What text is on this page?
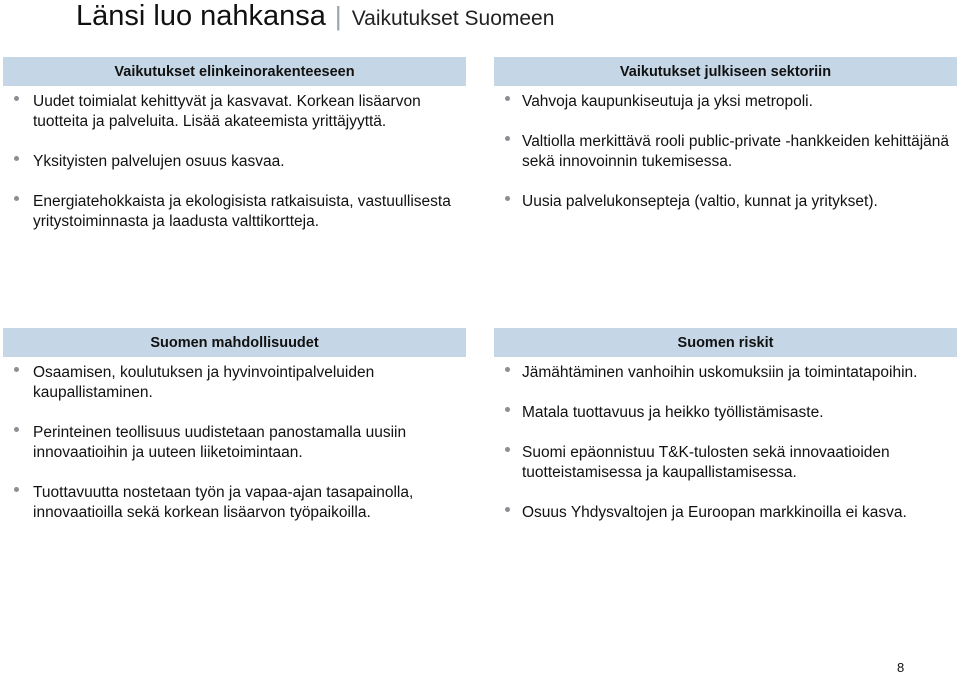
Länsi luo nahkansa | Vaikutukset Suomeen
Vaikutukset elinkeinorakenteeseen
Uudet toimialat kehittyvät ja kasvavat. Korkean lisäarvon tuotteita ja palveluita. Lisää akateemista yrittäjyyttä.
Yksityisten palvelujen osuus kasvaa.
Energiatehokkaista ja ekologisista ratkaisuista, vastuullisesta yritystoiminnasta ja laadusta valttikortteja.
Vaikutukset julkiseen sektoriin
Vahvoja kaupunkiseutuja ja yksi metropoli.
Valtiolla merkittävä rooli public-private -hankkeiden kehittäjänä sekä innovoinnin tukemisessa.
Uusia palvelukonsepteja (valtio, kunnat ja yritykset).
Suomen mahdollisuudet
Osaamisen, koulutuksen ja hyvinvointipalveluiden kaupallistaminen.
Perinteinen teollisuus uudistetaan panostamalla uusiin innovaatioihin ja uuteen liiketoimintaan.
Tuottavuutta nostetaan työn ja vapaa-ajan tasapainolla, innovaatioilla sekä korkean lisäarvon työpaikoilla.
Suomen riskit
Jämähtäminen vanhoihin uskomuksiin ja toimintatapoihin.
Matala tuottavuus ja heikko työllistämisaste.
Suomi epäonnistuu T&K-tulosten sekä innovaatioiden tuotteistamisessa ja kaupallistamisessa.
Osuus Yhdysvaltojen ja Euroopan markkinoilla ei kasva.
8
